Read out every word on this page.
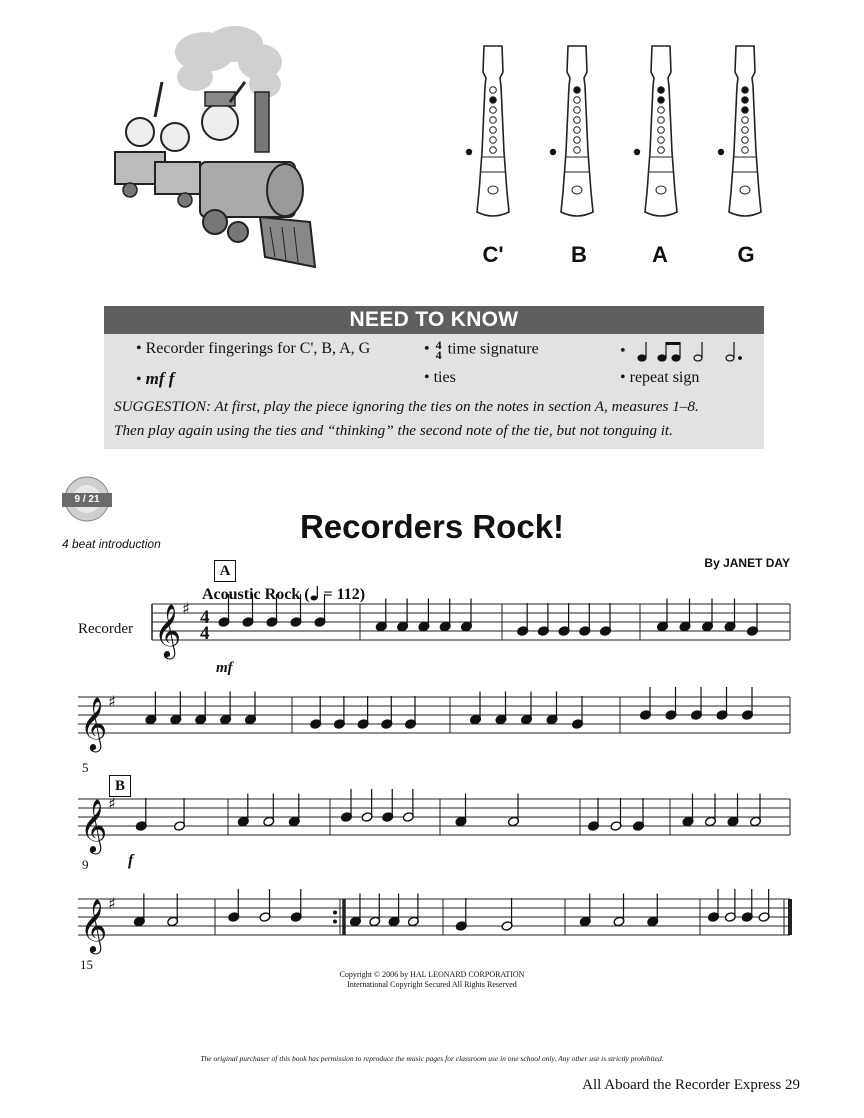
C'	B	A	G
NEED TO KNOW
• Recorder fingerings for C', B, A, G
• mf f
• 4
4 time signature
• ties
•
• repeat sign
SUGGESTION: At first, play the piece ignoring the ties on the notes in section A, measures 1–8.
Then play again using the ties and “thinking” the second note of the tie, but not tonguing it.
9 / 21
4 beat introduction	Recorders Rock!
By JANET DAY
A
Acoustic Rock ( = 112)
Recorder
4
4
mf
5
B
f
9
15
𝄞 ♯
𝄞 ♯
𝄞 ♯
𝄞 ♯
Copyright © 2006 by HAL LEONARD CORPORATION
International Copyright Secured All Rights Reserved
The original purchaser of this book has permission to reproduce the music pages for classroom use in one school only. Any other use is strictly prohibited.
All Aboard the Recorder Express 29
